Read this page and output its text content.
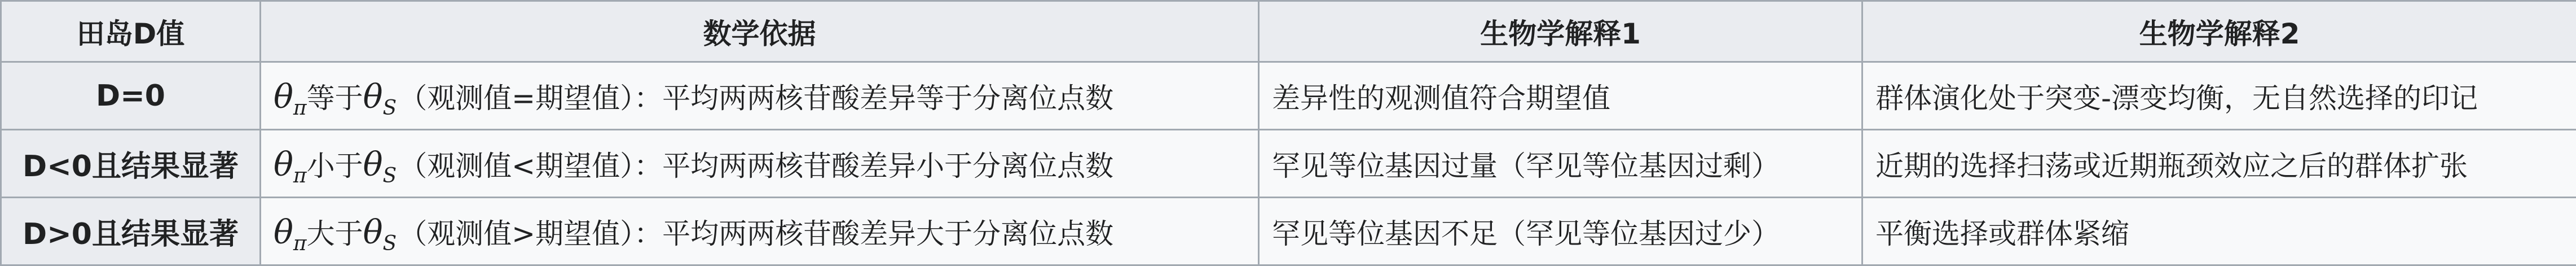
田岛D值	数学依据	生物学解释1	生物学解释2
D=0	$\theta_\pi$等于$\theta_S$（观测值=期望值）：平均两两核苷酸差异等于分离位点数	差异性的观测值符合期望值	群体演化处于突变-漂变均衡，无自然选择的印记
D<0且结果显著	$\theta_\pi$小于$\theta_S$（观测值<期望值）：平均两两核苷酸差异小于分离位点数	罕见等位基因过量（罕见等位基因过剩）	近期的选择扫荡或近期瓶颈效应之后的群体扩张
D>0且结果显著	$\theta_\pi$大于$\theta_S$（观测值>期望值）：平均两两核苷酸差异大于分离位点数	罕见等位基因不足（罕见等位基因过少）	平衡选择或群体紧缩
